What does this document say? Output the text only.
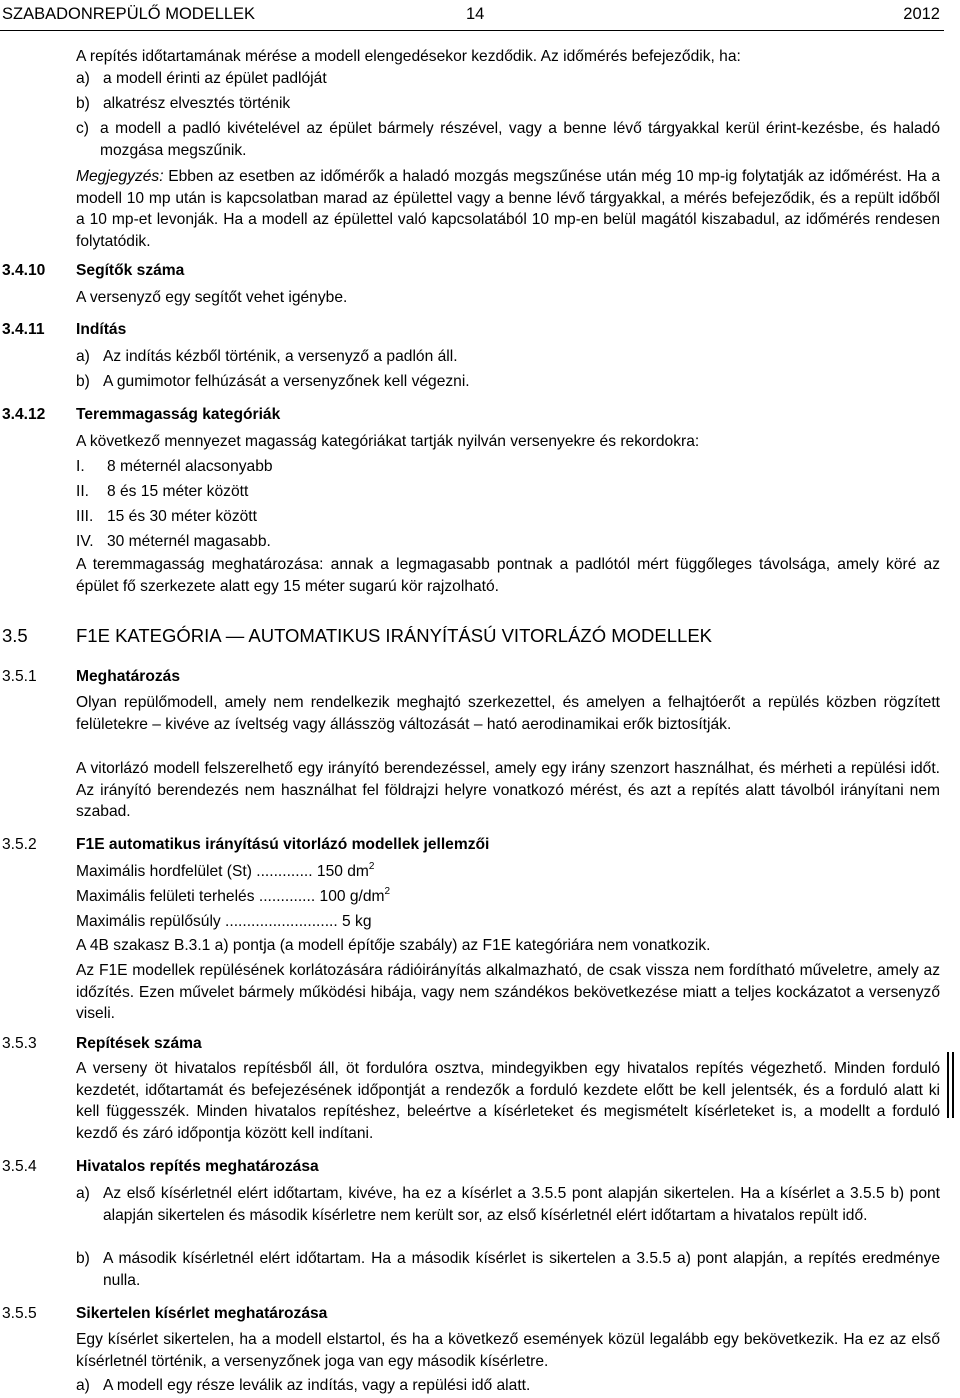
SZABADONREPÜLŐ MODELLEK	14	2012
A repítés időtartamának mérése a modell elengedésekor kezdődik. Az időmérés befejeződik, ha:
a) a modell érinti az épület padlóját
b) alkatrész elvesztés történik
c) a modell a padló kivételével az épület bármely részével, vagy a benne lévő tárgyakkal kerül érint-kezésbe, és haladó mozgása megszűnik.
Megjegyzés: Ebben az esetben az időmérők a haladó mozgás megszűnése után még 10 mp-ig folytatják az időmérést. Ha a modell 10 mp után is kapcsolatban marad az épülettel vagy a benne lévő tárgyakkal, a mérés befejeződik, és a repült időből a 10 mp-et levonják. Ha a modell az épülettel való kapcsolatából 10 mp-en belül magától kiszabadul, az időmérés rendesen folytatódik.
3.4.10 Segítők száma
A versenyző egy segítőt vehet igénybe.
3.4.11 Indítás
a) Az indítás kézből történik, a versenyző a padlón áll.
b) A gumimotor felhúzását a versenyzőnek kell végezni.
3.4.12 Teremmagasság kategóriák
A következő mennyezet magasság kategóriákat tartják nyilván versenyekre és rekordokra:
I. 8 méternél alacsonyabb
II. 8 és 15 méter között
III. 15 és 30 méter között
IV. 30 méternél magasabb.
A teremmagasság meghatározása: annak a legmagasabb pontnak a padlótól mért függőleges távolsága, amely köré az épület fő szerkezete alatt egy 15 méter sugarú kör rajzolható.
3.5	F1E KATEGÓRIA — AUTOMATIKUS IRÁNYÍTÁSÚ VITORLÁZÓ MODELLEK
3.5.1	Meghatározás
Olyan repülőmodell, amely nem rendelkezik meghajtó szerkezettel, és amelyen a felhajtóerőt a repülés közben rögzített felületekre – kivéve az íveltség vagy állásszög változását – ható aerodinamikai erők biztosítják.
A vitorlázó modell felszerelhető egy irányító berendezéssel, amely egy irány szenzort használhat, és mérheti a repülési időt. Az irányító berendezés nem használhat fel földrajzi helyre vonatkozó mérést, és azt a repítés alatt távolból irányítani nem szabad.
3.5.2	F1E automatikus irányítású vitorlázó modellek jellemzői
Maximális hordfelület (St) ............. 150 $dm^2$
Maximális felületi terhelés ............. 100 $g/dm^2$
Maximális repülősúly .......................... 5 kg
A 4B szakasz B.3.1 a) pontja (a modell építője szabály) az F1E kategóriára nem vonatkozik.
Az F1E modellek repülésének korlátozására rádióirányítás alkalmazható, de csak vissza nem fordítható műveletre, amely az időzítés. Ezen művelet bármely működési hibája, vagy nem szándékos bekövetkezése miatt a teljes kockázatot a versenyző viseli.
3.5.3	Repítések száma
A verseny öt hivatalos repítésből áll, öt fordulóra osztva, mindegyikben egy hivatalos repítés végezhető. Minden forduló kezdetét, időtartamát és befejezésének időpontját a rendezők a forduló kezdete előtt be kell jelentsék, és a forduló alatt ki kell függesszék. Minden hivatalos repítéshez, beleértve a kísérleteket és megismételt kísérleteket is, a modellt a forduló kezdő és záró időpontja között kell indítani.
3.5.4	Hivatalos repítés meghatározása
a) Az első kísérletnél elért időtartam, kivéve, ha ez a kísérlet a 3.5.5 pont alapján sikertelen. Ha a kísérlet a 3.5.5 b) pont alapján sikertelen és második kísérletre nem került sor, az első kísérletnél elért időtartam a hivatalos repült idő.
b) A második kísérletnél elért időtartam. Ha a második kísérlet is sikertelen a 3.5.5 a) pont alapján, a repítés eredménye nulla.
3.5.5	Sikertelen kísérlet meghatározása
Egy kísérlet sikertelen, ha a modell elstartol, és ha a következő események közül legalább egy bekövetkezik. Ha ez az első kísérletnél történik, a versenyzőnek joga van egy második kísérletre.
a) A modell egy része leválik az indítás, vagy a repülési idő alatt.
